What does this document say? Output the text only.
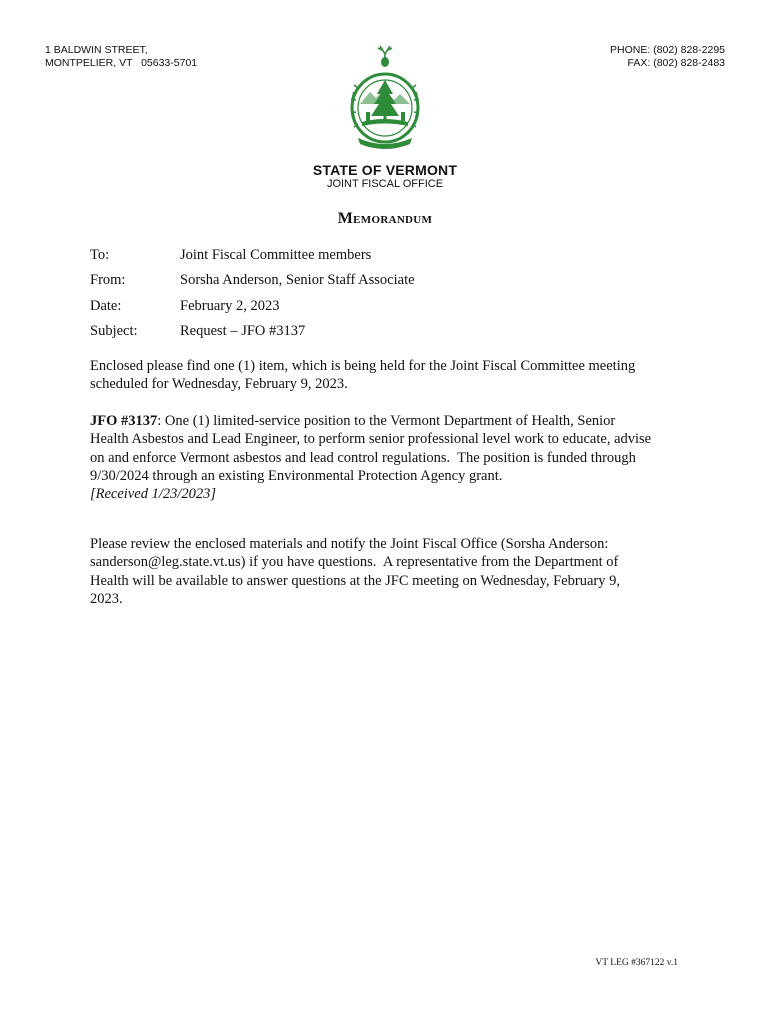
1 BALDWIN STREET,
MONTPELIER, VT   05633-5701
PHONE: (802) 828-2295
FAX: (802) 828-2483
STATE OF VERMONT
JOINT FISCAL OFFICE
Memorandum
To:	Joint Fiscal Committee members
From:	Sorsha Anderson, Senior Staff Associate
Date:	February 2, 2023
Subject:	Request – JFO #3137
Enclosed please find one (1) item, which is being held for the Joint Fiscal Committee meeting
scheduled for Wednesday, February 9, 2023.
JFO #3137: One (1) limited-service position to the Vermont Department of Health, Senior
Health Asbestos and Lead Engineer, to perform senior professional level work to educate, advise
on and enforce Vermont asbestos and lead control regulations.  The position is funded through
9/30/2024 through an existing Environmental Protection Agency grant.
[Received 1/23/2023]
Please review the enclosed materials and notify the Joint Fiscal Office (Sorsha Anderson:
sanderson@leg.state.vt.us) if you have questions.  A representative from the Department of
Health will be available to answer questions at the JFC meeting on Wednesday, February 9,
2023.
VT LEG #367122 v.1
